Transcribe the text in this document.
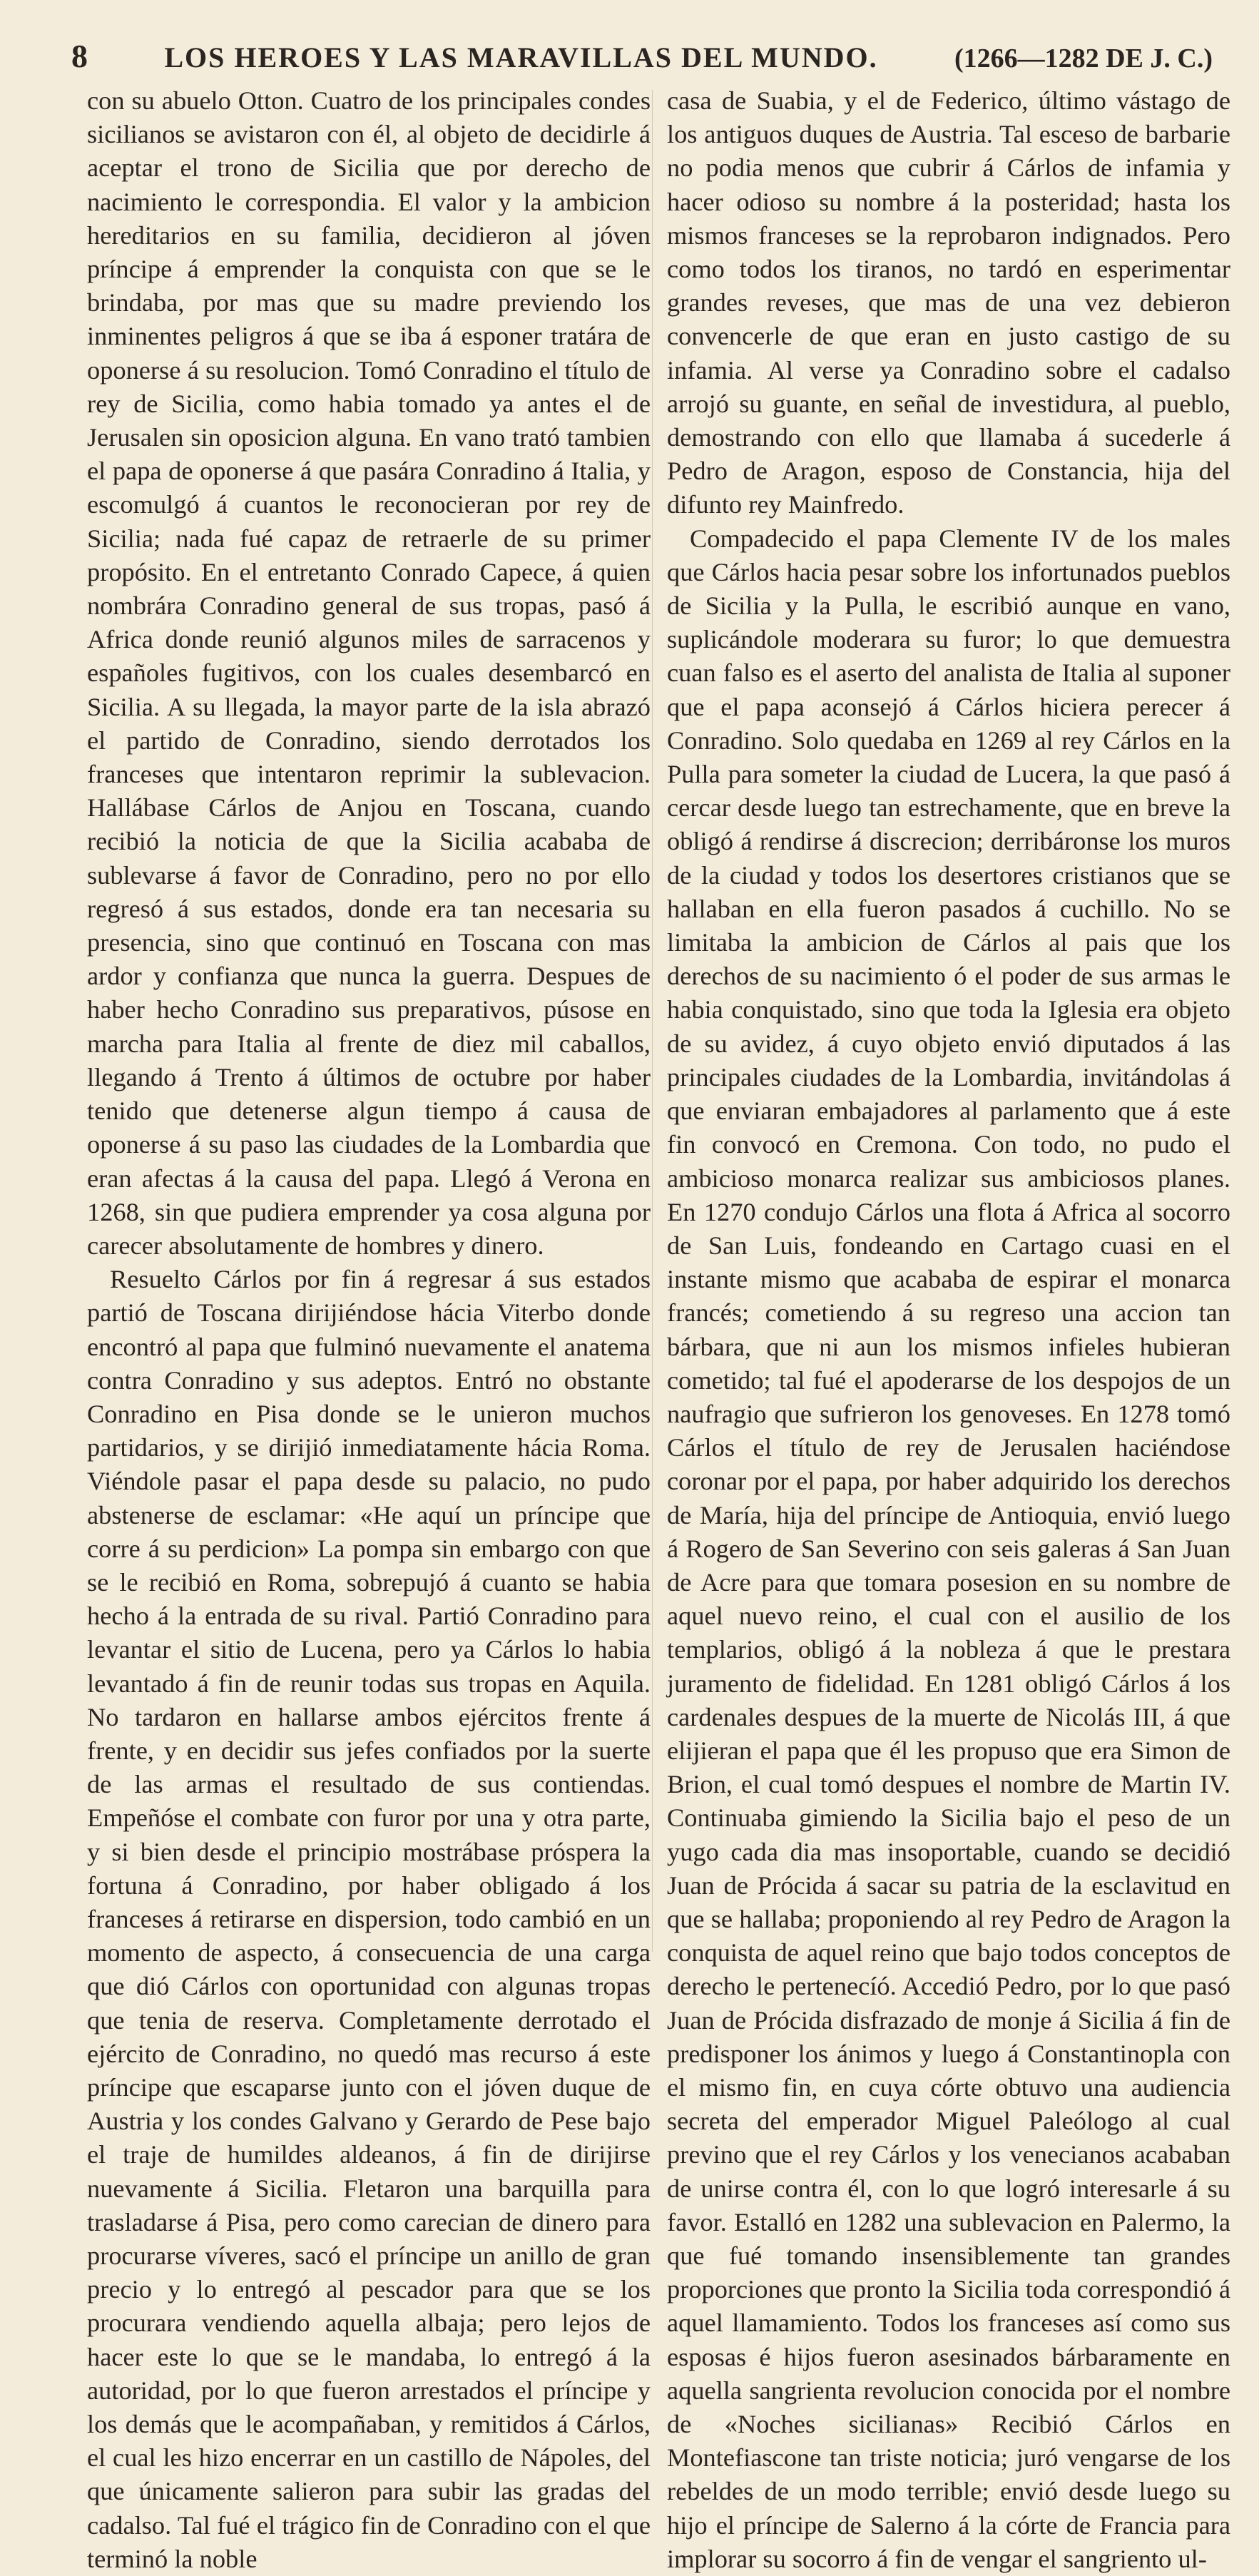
8	LOS HEROES Y LAS MARAVILLAS DEL MUNDO.	(1266—1282 DE J. C.)

con su abuelo Otton. Cuatro de los principales condes sicilianos se avistaron con él, al objeto de decidirle á aceptar el trono de Sicilia que por derecho de nacimiento le correspondia. El valor y la ambicion hereditarios en su familia, decidieron al jóven príncipe á emprender la conquista con que se le brindaba, por mas que su madre previendo los inminentes peligros á que se iba á esponer tratára de oponerse á su resolucion. Tomó Conradino el título de rey de Sicilia, como habia tomado ya antes el de Jerusalen sin oposicion alguna. En vano trató tambien el papa de oponerse á que pasára Conradino á Italia, y escomulgó á cuantos le reconocieran por rey de Sicilia; nada fué capaz de retraerle de su primer propósito. En el entretanto Conrado Capece, á quien nombrára Conradino general de sus tropas, pasó á Africa donde reunió algunos miles de sarracenos y españoles fugitivos, con los cuales desembarcó en Sicilia. A su llegada, la mayor parte de la isla abrazó el partido de Conradino, siendo derrotados los franceses que intentaron reprimir la sublevacion. Hallábase Cárlos de Anjou en Toscana, cuando recibió la noticia de que la Sicilia acababa de sublevarse á favor de Conradino, pero no por ello regresó á sus estados, donde era tan necesaria su presencia, sino que continuó en Toscana con mas ardor y confianza que nunca la guerra. Despues de haber hecho Conradino sus preparativos, púsose en marcha para Italia al frente de diez mil caballos, llegando á Trento á últimos de octubre por haber tenido que detenerse algun tiempo á causa de oponerse á su paso las ciudades de la Lombardia que eran afectas á la causa del papa. Llegó á Verona en 1268, sin que pudiera emprender ya cosa alguna por carecer absolutamente de hombres y dinero.

Resuelto Cárlos por fin á regresar á sus estados partió de Toscana dirijiéndose hácia Viterbo donde encontró al papa que fulminó nuevamente el anatema contra Conradino y sus adeptos. Entró no obstante Conradino en Pisa donde se le unieron muchos partidarios, y se dirijió inmediatamente hácia Roma. Viéndole pasar el papa desde su palacio, no pudo abstenerse de esclamar: «He aquí un príncipe que corre á su perdicion» La pompa sin embargo con que se le recibió en Roma, sobrepujó á cuanto se habia hecho á la entrada de su rival. Partió Conradino para levantar el sitio de Lucena, pero ya Cárlos lo habia levantado á fin de reunir todas sus tropas en Aquila. No tardaron en hallarse ambos ejércitos frente á frente, y en decidir sus jefes confiados por la suerte de las armas el resultado de sus contiendas. Empeñóse el combate con furor por una y otra parte, y si bien desde el principio mostrábase próspera la fortuna á Conradino, por haber obligado á los franceses á retirarse en dispersion, todo cambió en un momento de aspecto, á consecuencia de una carga que dió Cárlos con oportunidad con algunas tropas que tenia de reserva. Completamente derrotado el ejército de Conradino, no quedó mas recurso á este príncipe que escaparse junto con el jóven duque de Austria y los condes Galvano y Gerardo de Pese bajo el traje de humildes aldeanos, á fin de dirijirse nuevamente á Sicilia. Fletaron una barquilla para trasladarse á Pisa, pero como carecian de dinero para procurarse víveres, sacó el príncipe un anillo de gran precio y lo entregó al pescador para que se los procurara vendiendo aquella albaja; pero lejos de hacer este lo que se le mandaba, lo entregó á la autoridad, por lo que fueron arrestados el príncipe y los demás que le acompañaban, y remitidos á Cárlos, el cual les hizo encerrar en un castillo de Nápoles, del que únicamente salieron para subir las gradas del cadalso. Tal fué el trágico fin de Conradino con el que terminó la noble

casa de Suabia, y el de Federico, último vástago de los antiguos duques de Austria. Tal esceso de barbarie no podia menos que cubrir á Cárlos de infamia y hacer odioso su nombre á la posteridad; hasta los mismos franceses se la reprobaron indignados. Pero como todos los tiranos, no tardó en esperimentar grandes reveses, que mas de una vez debieron convencerle de que eran en justo castigo de su infamia. Al verse ya Conradino sobre el cadalso arrojó su guante, en señal de investidura, al pueblo, demostrando con ello que llamaba á sucederle á Pedro de Aragon, esposo de Constancia, hija del difunto rey Mainfredo.

Compadecido el papa Clemente IV de los males que Cárlos hacia pesar sobre los infortunados pueblos de Sicilia y la Pulla, le escribió aunque en vano, suplicándole moderara su furor; lo que demuestra cuan falso es el aserto del analista de Italia al suponer que el papa aconsejó á Cárlos hiciera perecer á Conradino. Solo quedaba en 1269 al rey Cárlos en la Pulla para someter la ciudad de Lucera, la que pasó á cercar desde luego tan estrechamente, que en breve la obligó á rendirse á discrecion; derribáronse los muros de la ciudad y todos los desertores cristianos que se hallaban en ella fueron pasados á cuchillo. No se limitaba la ambicion de Cárlos al pais que los derechos de su nacimiento ó el poder de sus armas le habia conquistado, sino que toda la Iglesia era objeto de su avidez, á cuyo objeto envió diputados á las principales ciudades de la Lombardia, invitándolas á que enviaran embajadores al parlamento que á este fin convocó en Cremona. Con todo, no pudo el ambicioso monarca realizar sus ambiciosos planes. En 1270 condujo Cárlos una flota á Africa al socorro de San Luis, fondeando en Cartago cuasi en el instante mismo que acababa de espirar el monarca francés; cometiendo á su regreso una accion tan bárbara, que ni aun los mismos infieles hubieran cometido; tal fué el apoderarse de los despojos de un naufragio que sufrieron los genoveses. En 1278 tomó Cárlos el título de rey de Jerusalen haciéndose coronar por el papa, por haber adquirido los derechos de María, hija del príncipe de Antioquia, envió luego á Rogero de San Severino con seis galeras á San Juan de Acre para que tomara posesion en su nombre de aquel nuevo reino, el cual con el ausilio de los templarios, obligó á la nobleza á que le prestara juramento de fidelidad. En 1281 obligó Cárlos á los cardenales despues de la muerte de Nicolás III, á que elijieran el papa que él les propuso que era Simon de Brion, el cual tomó despues el nombre de Martin IV. Continuaba gimiendo la Sicilia bajo el peso de un yugo cada dia mas insoportable, cuando se decidió Juan de Prócida á sacar su patria de la esclavitud en que se hallaba; proponiendo al rey Pedro de Aragon la conquista de aquel reino que bajo todos conceptos de derecho le pertenecíó. Accedió Pedro, por lo que pasó Juan de Prócida disfrazado de monje á Sicilia á fin de predisponer los ánimos y luego á Constantinopla con el mismo fin, en cuya córte obtuvo una audiencia secreta del emperador Miguel Paleólogo al cual previno que el rey Cárlos y los venecianos acababan de unirse contra él, con lo que logró interesarle á su favor. Estalló en 1282 una sublevacion en Palermo, la que fué tomando insensiblemente tan grandes proporciones que pronto la Sicilia toda correspondió á aquel llamamiento. Todos los franceses así como sus esposas é hijos fueron asesinados bárbaramente en aquella sangrienta revolucion conocida por el nombre de «Noches sicilianas» Recibió Cárlos en Montefiascone tan triste noticia; juró vengarse de los rebeldes de un modo terrible; envió desde luego su hijo el príncipe de Salerno á la córte de Francia para implorar su socorro á fin de vengar el sangriento ul-
